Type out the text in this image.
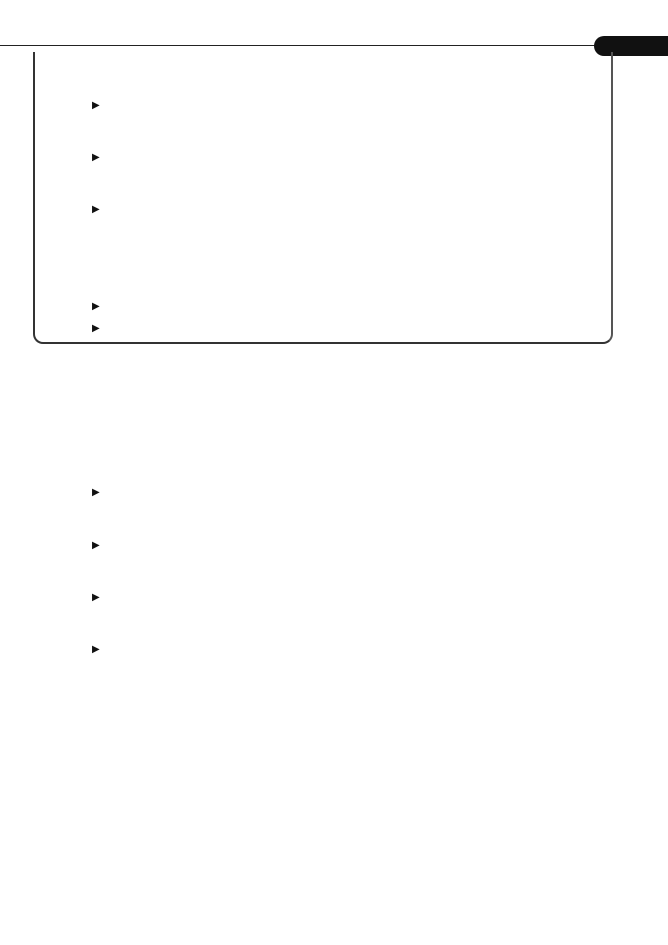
▶
▶
▶
▶
▶
▶
▶
▶
▶
